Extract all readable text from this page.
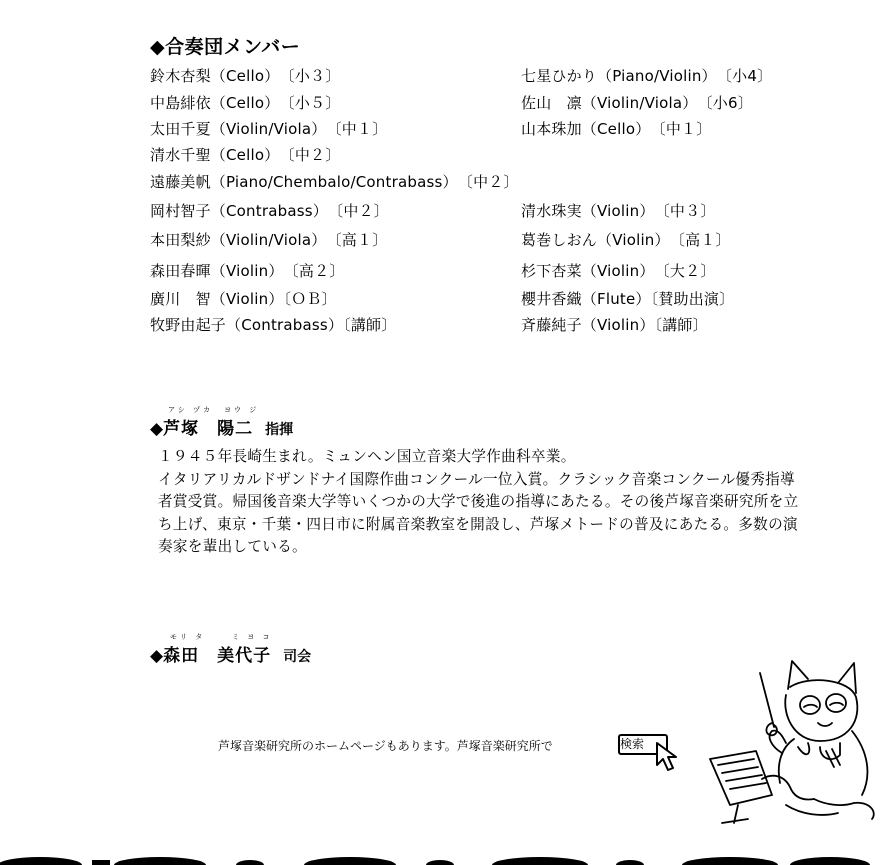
◆合奏団メンバー
鈴木杏梨（Cello）　〔小３〕	七星ひかり（Piano/Violin）　〔小4〕
中島緋依（Cello）　〔小５〕	佐山　凛（Violin/Viola）　〔小6〕
太田千夏（Violin/Viola）　〔中１〕	山本珠加（Cello）　〔中１〕
清水千聖（Cello）　〔中２〕
遠藤美帆（Piano/Chembalo/Contrabass）　〔中２〕
岡村智子（Contrabass）　〔中２〕	清水珠実（Violin）　〔中３〕
本田梨紗（Violin/Viola）　〔高１〕	葛巻しおん（Violin）　〔高１〕
森田春暉（Violin）　〔高２〕	杉下杏菜（Violin）　〔大２〕
廣川　智（Violin）〔ＯＢ〕	櫻井香織（Flute）〔賛助出演〕
牧野由起子（Contrabass）〔講師〕	斉藤純子（Violin）〔講師〕
アシ ヅカ ヨウ ジ
◆芦塚　陽二 指揮
１９４５年長崎生まれ。ミュンヘン国立音楽大学作曲科卒業。
イタリアリカルドザンドナイ国際作曲コンクール一位入賞。クラシック音楽コンクール優秀指導
者賞受賞。帰国後音楽大学等いくつかの大学で後進の指導にあたる。その後芦塚音楽研究所を立
ち上げ、東京・千葉・四日市に附属音楽教室を開設し、芦塚メトードの普及にあたる。多数の演
奏家を輩出している。
モリ タ	ミ ヨ コ
◆森田　美代子 司会
芦塚音楽研究所のホームページもあります。芦塚音楽研究所で	検索
